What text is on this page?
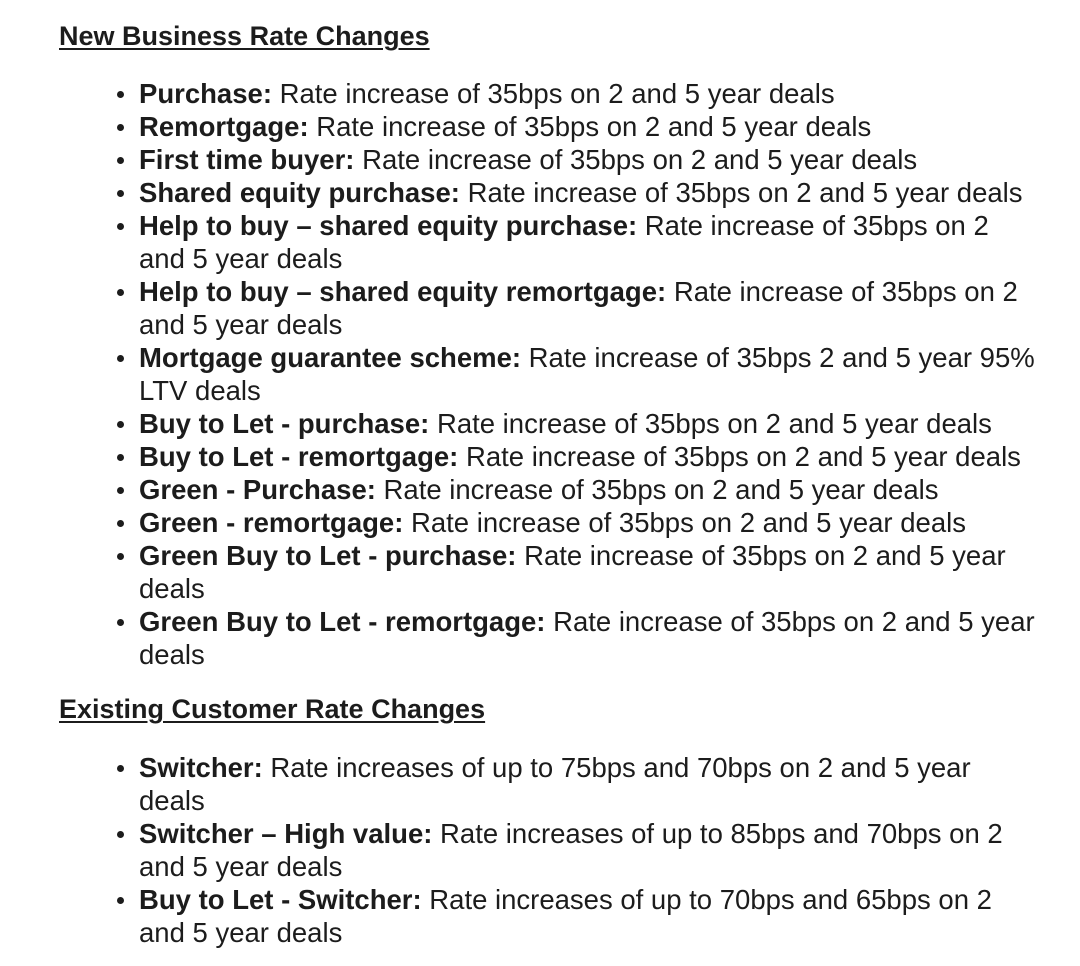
New Business Rate Changes
Purchase: Rate increase of 35bps on 2 and 5 year deals
Remortgage: Rate increase of 35bps on 2 and 5 year deals
First time buyer: Rate increase of 35bps on 2 and 5 year deals
Shared equity purchase: Rate increase of 35bps on 2 and 5 year deals
Help to buy – shared equity purchase: Rate increase of 35bps on 2 and 5 year deals
Help to buy – shared equity remortgage: Rate increase of 35bps on 2 and 5 year deals
Mortgage guarantee scheme: Rate increase of 35bps 2 and 5 year 95% LTV deals
Buy to Let - purchase: Rate increase of 35bps on 2 and 5 year deals
Buy to Let - remortgage: Rate increase of 35bps on 2 and 5 year deals
Green - Purchase: Rate increase of 35bps on 2 and 5 year deals
Green - remortgage: Rate increase of 35bps on 2 and 5 year deals
Green Buy to Let - purchase: Rate increase of 35bps on 2 and 5 year deals
Green Buy to Let - remortgage: Rate increase of 35bps on 2 and 5 year deals
Existing Customer Rate Changes
Switcher: Rate increases of up to 75bps and 70bps on 2 and 5 year deals
Switcher – High value: Rate increases of up to 85bps and 70bps on 2 and 5 year deals
Buy to Let - Switcher: Rate increases of up to 70bps and 65bps on 2 and 5 year deals
